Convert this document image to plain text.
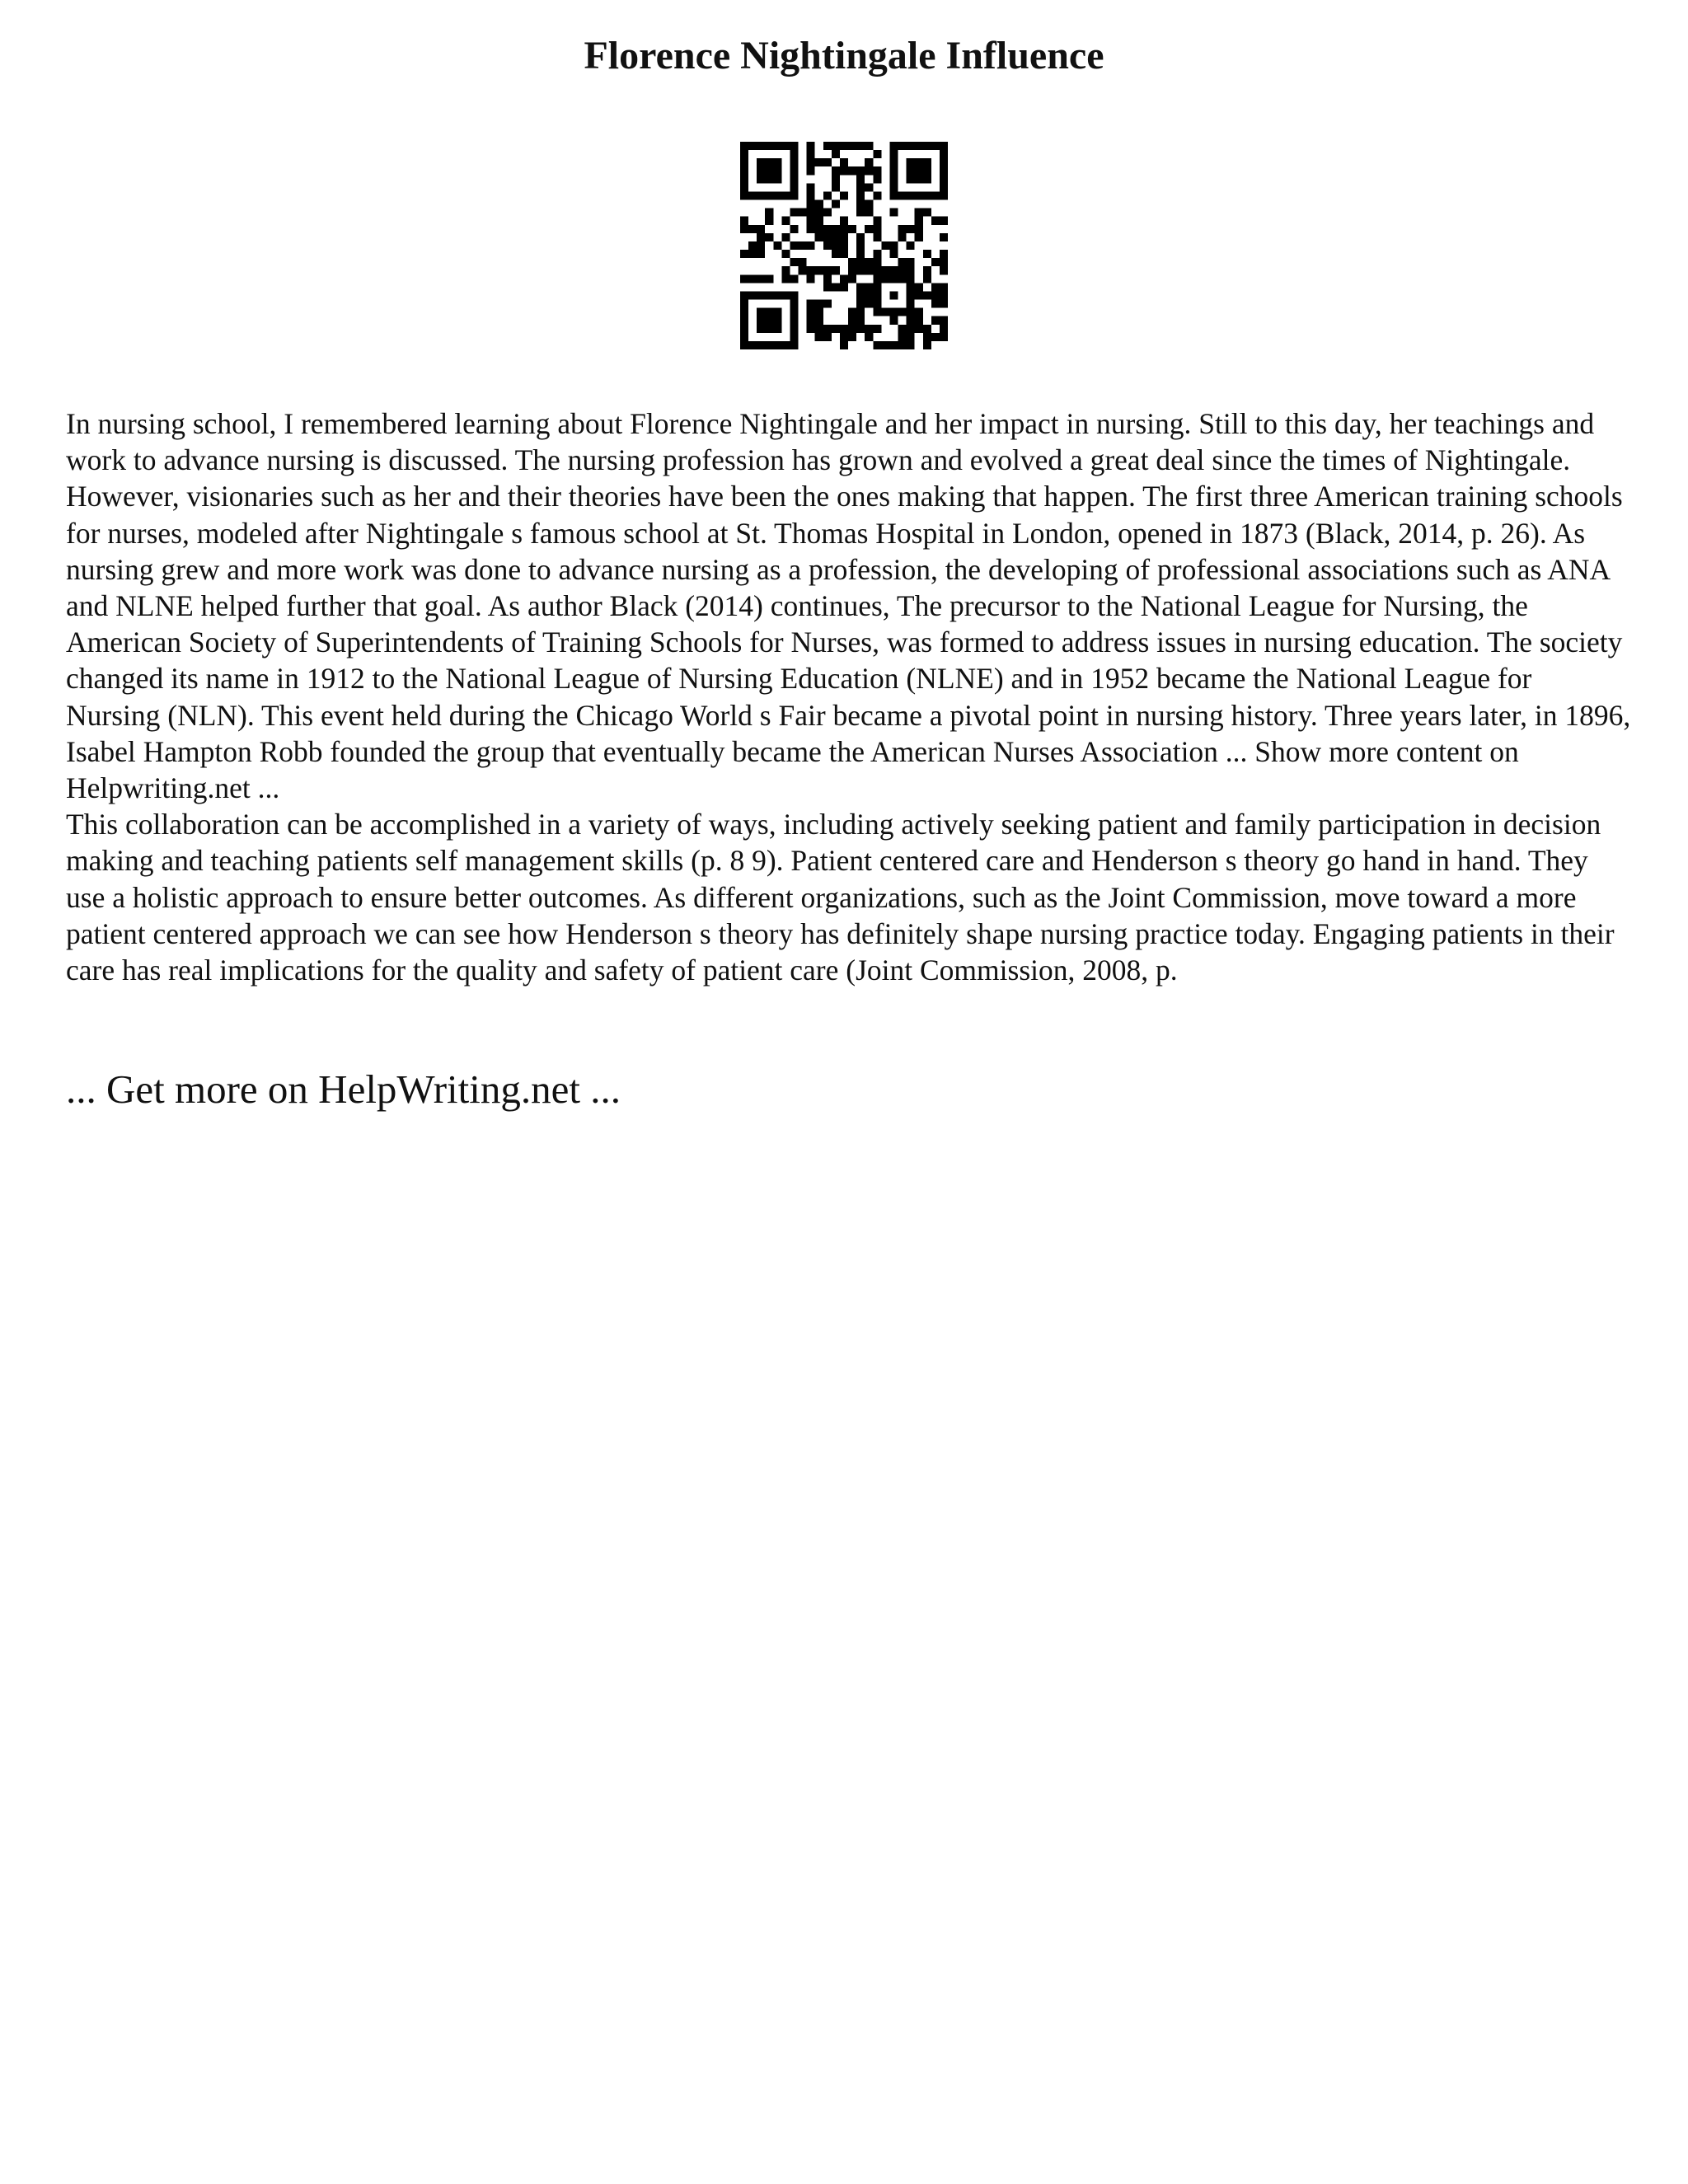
Florence Nightingale Influence

In nursing school, I remembered learning about Florence Nightingale and her impact in nursing. Still to this day, her teachings and work to advance nursing is discussed. The nursing profession has grown and evolved a great deal since the times of Nightingale. However, visionaries such as her and their theories have been the ones making that happen. The first three American training schools for nurses, modeled after Nightingale s famous school at St. Thomas Hospital in London, opened in 1873 (Black, 2014, p. 26). As nursing grew and more work was done to advance nursing as a profession, the developing of professional associations such as ANA and NLNE helped further that goal. As author Black (2014) continues, The precursor to the National League for Nursing, the American Society of Superintendents of Training Schools for Nurses, was formed to address issues in nursing education. The society changed its name in 1912 to the National League of Nursing Education (NLNE) and in 1952 became the National League for Nursing (NLN). This event held during the Chicago World s Fair became a pivotal point in nursing history. Three years later, in 1896, Isabel Hampton Robb founded the group that eventually became the American Nurses Association ... Show more content on Helpwriting.net ...

This collaboration can be accomplished in a variety of ways, including actively seeking patient and family participation in decision making and teaching patients self management skills (p. 8 9). Patient centered care and Henderson s theory go hand in hand. They use a holistic approach to ensure better outcomes. As different organizations, such as the Joint Commission, move toward a more patient centered approach we can see how Henderson s theory has definitely shape nursing practice today. Engaging patients in their care has real implications for the quality and safety of patient care (Joint Commission, 2008, p.

... Get more on HelpWriting.net ...
